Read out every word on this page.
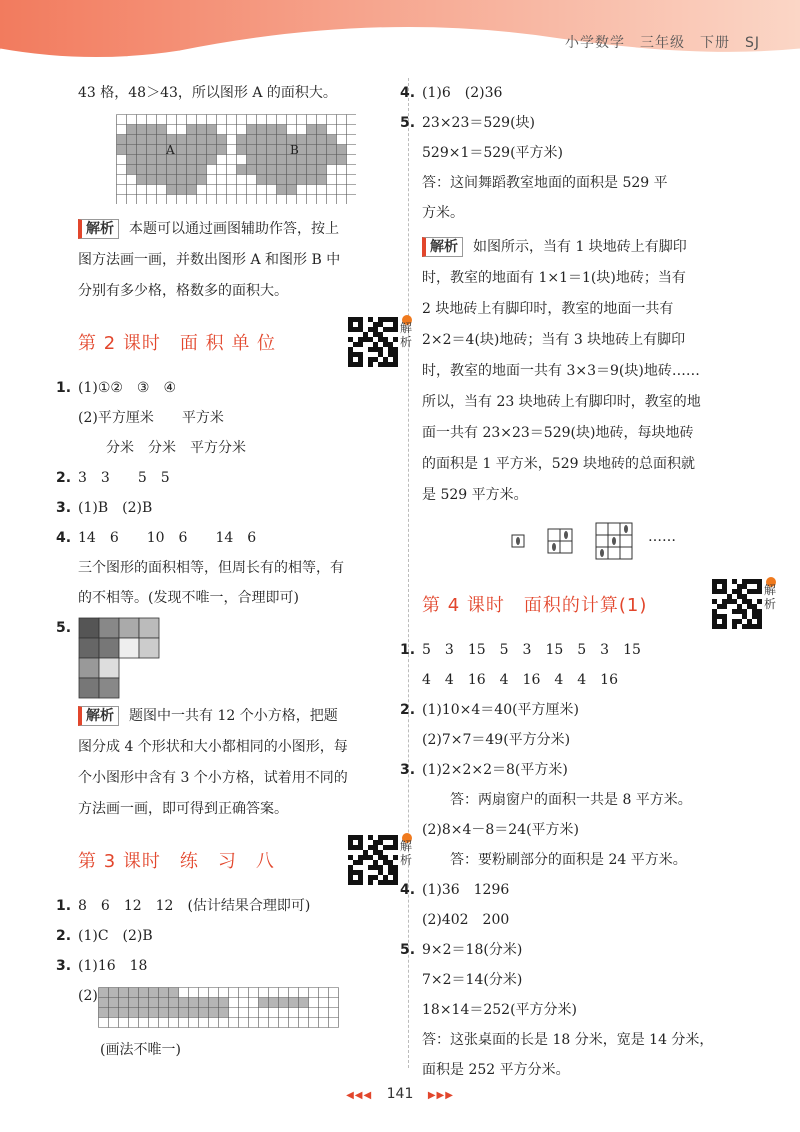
小学数学　三年级　下册　SJ
43 格，48＞43，所以图形 A 的面积大。
A	B
解析 本题可以通过画图辅助作答，按上
图方法画一画，并数出图形 A 和图形 B 中
分别有多少格，格数多的面积大。
第 2 课时　面 积 单 位
解析
1. (1)①②　③　④
(2)平方厘米　　平方米
分米　分米　平方分米
2. 3　3　　5　5
3. (1)B　(2)B
4. 14　6　　10　6　　14　6
三个图形的面积相等，但周长有的相等，有
的不相等。(发现不唯一，合理即可)
5.
解析 题图中一共有 12 个小方格，把题
图分成 4 个形状和大小都相同的小图形，每
个小图形中含有 3 个小方格，试着用不同的
方法画一画，即可得到正确答案。
第 3 课时　练　习　八
解析
1. 8　6　12　12　(估计结果合理即可)
2. (1)C　(2)B
3. (1)16　18
(2)
(画法不唯一)
4. (1)6　(2)36
5. 23×23＝529(块)
529×1＝529(平方米)
答：这间舞蹈教室地面的面积是 529 平
方米。
解析 如图所示，当有 1 块地砖上有脚印
时，教室的地面有 1×1＝1(块)地砖；当有
2 块地砖上有脚印时，教室的地面一共有
2×2＝4(块)地砖；当有 3 块地砖上有脚印
时，教室的地面一共有 3×3＝9(块)地砖……
所以，当有 23 块地砖上有脚印时，教室的地
面一共有 23×23＝529(块)地砖，每块地砖
的面积是 1 平方米，529 块地砖的总面积就
是 529 平方米。
……
第 4 课时　面积的计算(1)
解析
1. 5　3　15　5　3　15　5　3　15
4　4　16　4　16　4　4　16
2. (1)10×4＝40(平方厘米)
(2)7×7＝49(平方分米)
3. (1)2×2×2＝8(平方米)
答：两扇窗户的面积一共是 8 平方米。
(2)8×4－8＝24(平方米)
答：要粉刷部分的面积是 24 平方米。
4. (1)36　1296
(2)402　200
5. 9×2＝18(分米)
7×2＝14(分米)
18×14＝252(平方分米)
答：这张桌面的长是 18 分米，宽是 14 分米，
面积是 252 平方分米。
◀◀◀ 141 ▶▶▶
